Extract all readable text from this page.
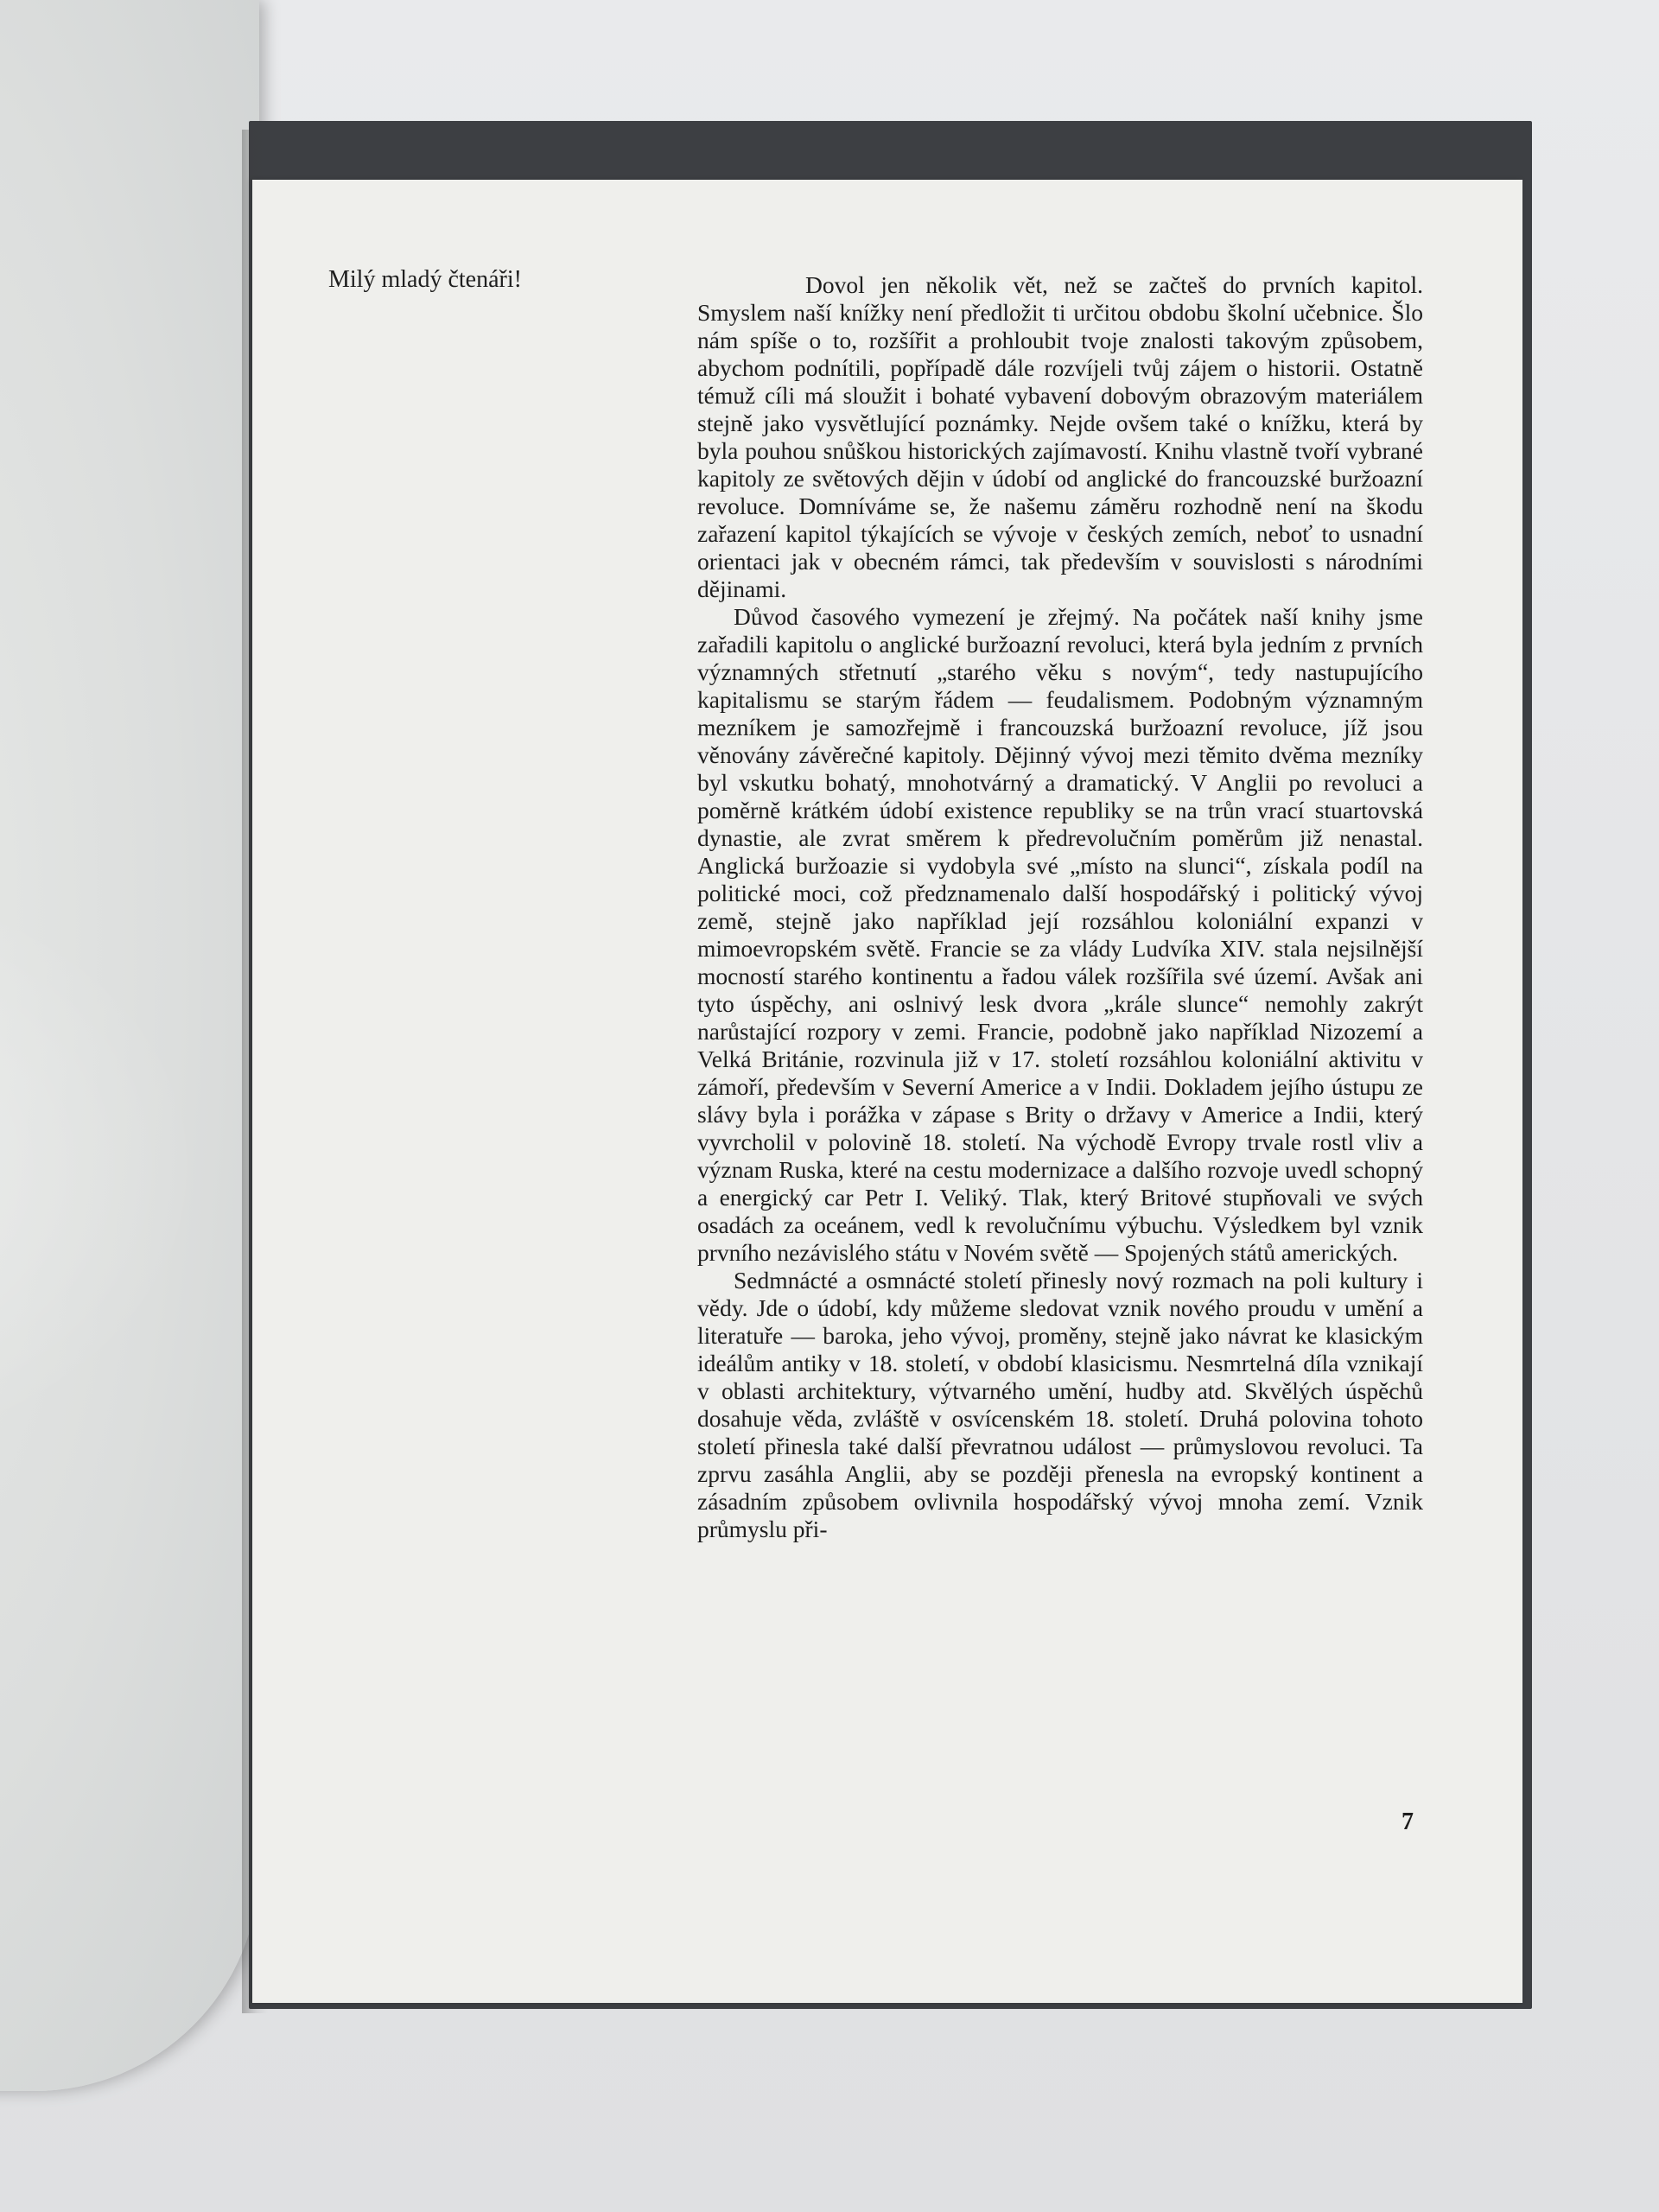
Milý mladý čtenáři!	Dovol jen několik vět, než se začteš do prvních kapitol. Smyslem naší knížky není předložit ti určitou obdobu školní učebnice. Šlo nám spíše o to, rozšířit a prohloubit tvoje znalosti takovým způsobem, abychom podnítili, popřípadě dále rozvíjeli tvůj zájem o historii. Ostatně témuž cíli má sloužit i bohaté vybavení dobovým obrazovým materiálem stejně jako vysvětlující poznámky. Nejde ovšem také o knížku, která by byla pouhou snůškou historických zajímavostí. Knihu vlastně tvoří vybrané kapitoly ze světových dějin v údobí od anglické do francouzské buržoazní revoluce. Domníváme se, že našemu záměru rozhodně není na škodu zařazení kapitol týkajících se vývoje v českých zemích, neboť to usnadní orientaci jak v obecném rámci, tak především v souvislosti s národními dějinami.

Důvod časového vymezení je zřejmý. Na počátek naší knihy jsme zařadili kapitolu o anglické buržoazní revoluci, která byla jedním z prvních významných střetnutí „starého věku s novým“, tedy nastupujícího kapitalismu se starým řádem — feudalismem. Podobným významným mezníkem je samozřejmě i francouzská buržoazní revoluce, jíž jsou věnovány závěrečné kapitoly. Dějinný vývoj mezi těmito dvěma mezníky byl vskutku bohatý, mnohotvárný a dramatický. V Anglii po revoluci a poměrně krátkém údobí existence republiky se na trůn vrací stuartovská dynastie, ale zvrat směrem k předrevolučním poměrům již nenastal. Anglická buržoazie si vydobyla své „místo na slunci“, získala podíl na politické moci, což předznamenalo další hospodářský i politický vývoj země, stejně jako například její rozsáhlou koloniální expanzi v mimoevropském světě. Francie se za vlády Ludvíka XIV. stala nejsilnější mocností starého kontinentu a řadou válek rozšířila své území. Avšak ani tyto úspěchy, ani oslnivý lesk dvora „krále slunce“ nemohly zakrýt narůstající rozpory v zemi. Francie, podobně jako například Nizozemí a Velká Británie, rozvinula již v 17. století rozsáhlou koloniální aktivitu v zámoří, především v Severní Americe a v Indii. Dokladem jejího ústupu ze slávy byla i porážka v zápase s Brity o državy v Americe a Indii, který vyvrcholil v polovině 18. století. Na východě Evropy trvale rostl vliv a význam Ruska, které na cestu modernizace a dalšího rozvoje uvedl schopný a energický car Petr I. Veliký. Tlak, který Britové stupňovali ve svých osadách za oceánem, vedl k revolučnímu výbuchu. Výsledkem byl vznik prvního nezávislého státu v Novém světě — Spojených států amerických.

Sedmnácté a osmnácté století přinesly nový rozmach na poli kultury i vědy. Jde o údobí, kdy můžeme sledovat vznik nového proudu v umění a literatuře — baroka, jeho vývoj, proměny, stejně jako návrat ke klasickým ideálům antiky v 18. století, v období klasicismu. Nesmrtelná díla vznikají v oblasti architektury, výtvarného umění, hudby atd. Skvělých úspěchů dosahuje věda, zvláště v osvícenském 18. století. Druhá polovina tohoto století přinesla také další převratnou událost — průmyslovou revoluci. Ta zprvu zasáhla Anglii, aby se později přenesla na evropský kontinent a zásadním způsobem ovlivnila hospodářský vývoj mnoha zemí. Vznik průmyslu při-

7
